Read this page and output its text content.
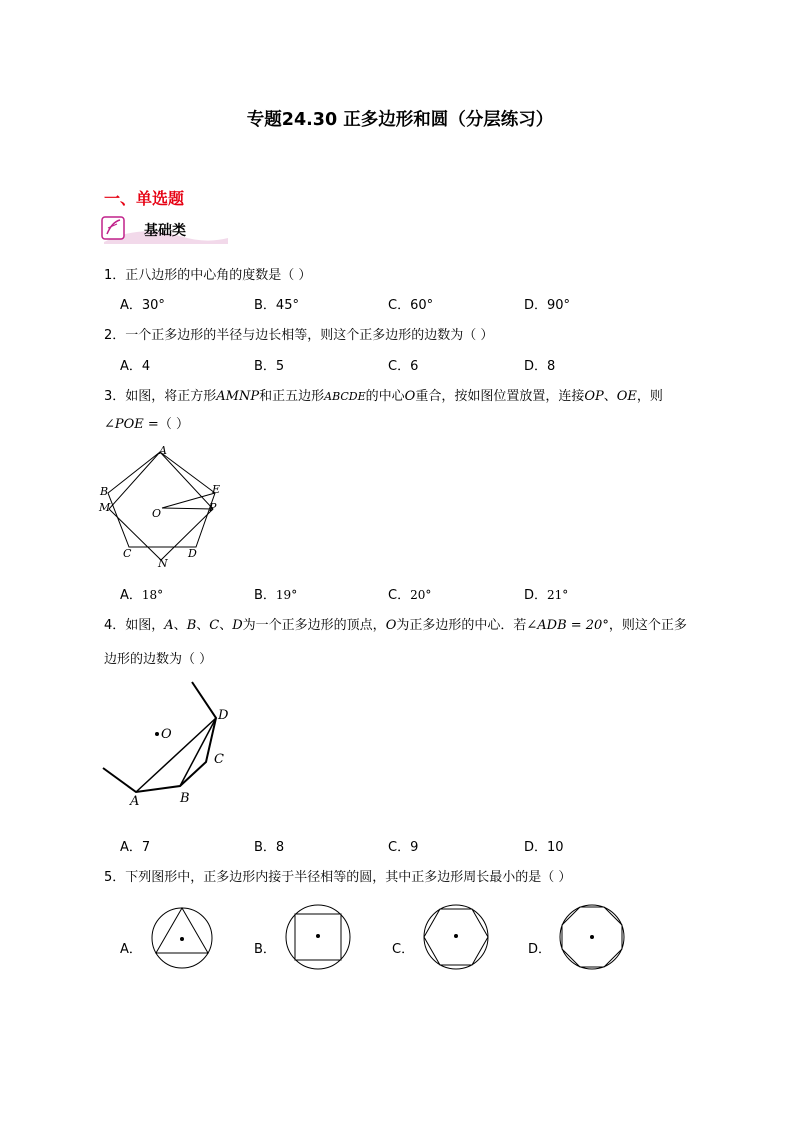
专题24.30 正多边形和圆（分层练习）
一、单选题
基础类
1．正八边形的中心角的度数是（ ）
A．30°	B．45°	C．60°	D．90°
2．一个正多边形的半径与边长相等，则这个正多边形的边数为（ ）
A．4	B．5	C．6	D．8
3．如图，将正方形AMNP和正五边形ABCDE的中心O重合，按如图位置放置，连接OP、OE，则
∠POE =（ ）
A
B
M	O
E
P
C
N
D
A．18°	B．19°	C．20°	D．21°
4．如图，A、B、C、D为一个正多边形的顶点，O为正多边形的中心．若∠ADB = 20°，则这个正多
边形的边数为（ ）
D
O
C
A	B
A．7	B．8	C．9	D．10
5．下列图形中，正多边形内接于半径相等的圆，其中正多边形周长最小的是（ ）
A．	B．	C．	D．
